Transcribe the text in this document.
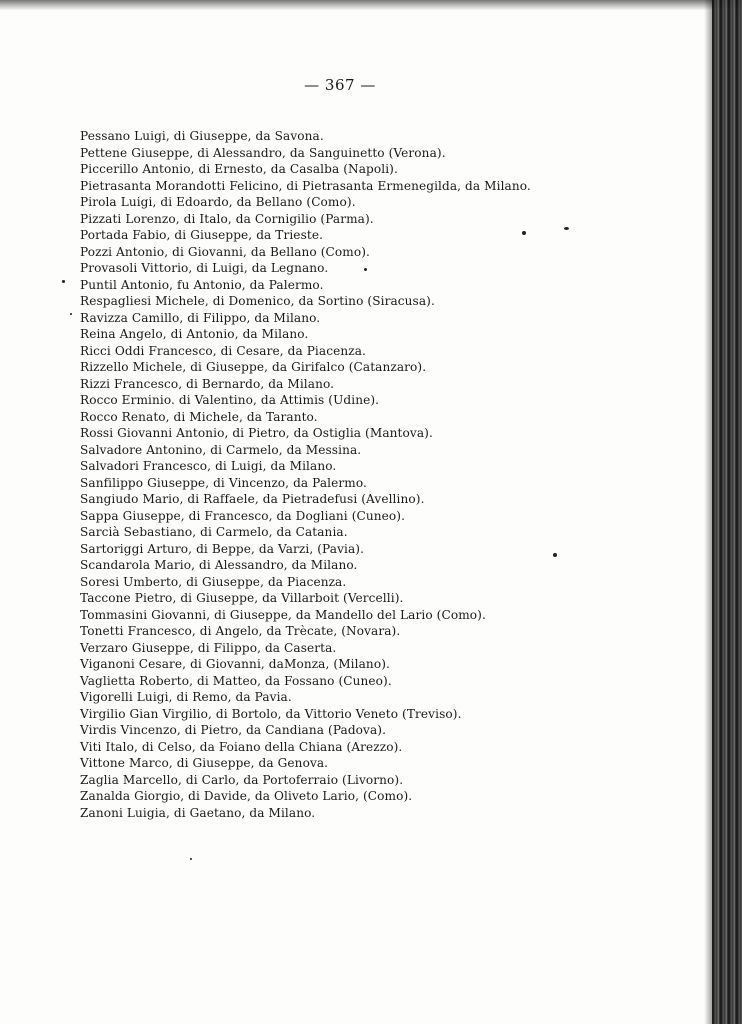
— 367 —
Pessano Luigi, di Giuseppe, da Savona.
Pettene Giuseppe, di Alessandro, da Sanguinetto (Verona).
Piccerillo Antonio, di Ernesto, da Casalba (Napoli).
Pietrasanta Morandotti Felicino, di Pietrasanta Ermenegilda, da Milano.
Pirola Luigi, di Edoardo, da Bellano (Como).
Pizzati Lorenzo, di Italo, da Cornigilio (Parma).
Portada Fabio, di Giuseppe, da Trieste.
Pozzi Antonio, di Giovanni, da Bellano (Como).
Provasoli Vittorio, di Luigi, da Legnano.
Puntil Antonio, fu Antonio, da Palermo.
Respagliesi Michele, di Domenico, da Sortino (Siracusa).
Ravizza Camillo, di Filippo, da Milano.
Reina Angelo, di Antonio, da Milano.
Ricci Oddi Francesco, di Cesare, da Piacenza.
Rizzello Michele, di Giuseppe, da Girifalco (Catanzaro).
Rizzi Francesco, di Bernardo, da Milano.
Rocco Erminio. di Valentino, da Attimis (Udine).
Rocco Renato, di Michele, da Taranto.
Rossi Giovanni Antonio, di Pietro, da Ostiglia (Mantova).
Salvadore Antonino, di Carmelo, da Messina.
Salvadori Francesco, di Luigi, da Milano.
Sanfilippo Giuseppe, di Vincenzo, da Palermo.
Sangiudo Mario, di Raffaele, da Pietradefusi (Avellino).
Sappa Giuseppe, di Francesco, da Dogliani (Cuneo).
Sarcià Sebastiano, di Carmelo, da Catania.
Sartoriggi Arturo, di Beppe, da Varzi, (Pavia).
Scandarola Mario, di Alessandro, da Milano.
Soresi Umberto, di Giuseppe, da Piacenza.
Taccone Pietro, di Giuseppe, da Villarboit (Vercelli).
Tommasini Giovanni, di Giuseppe, da Mandello del Lario (Como).
Tonetti Francesco, di Angelo, da Trècate, (Novara).
Verzaro Giuseppe, di Filippo, da Caserta.
Viganoni Cesare, di Giovanni, daMonza, (Milano).
Vaglietta Roberto, di Matteo, da Fossano (Cuneo).
Vigorelli Luigi, di Remo, da Pavia.
Virgilio Gian Virgilio, di Bortolo, da Vittorio Veneto (Treviso).
Virdis Vincenzo, di Pietro, da Candiana (Padova).
Viti Italo, di Celso, da Foiano della Chiana (Arezzo).
Vittone Marco, di Giuseppe, da Genova.
Zaglia Marcello, di Carlo, da Portoferraio (Livorno).
Zanalda Giorgio, di Davide, da Oliveto Lario, (Como).
Zanoni Luigia, di Gaetano, da Milano.
